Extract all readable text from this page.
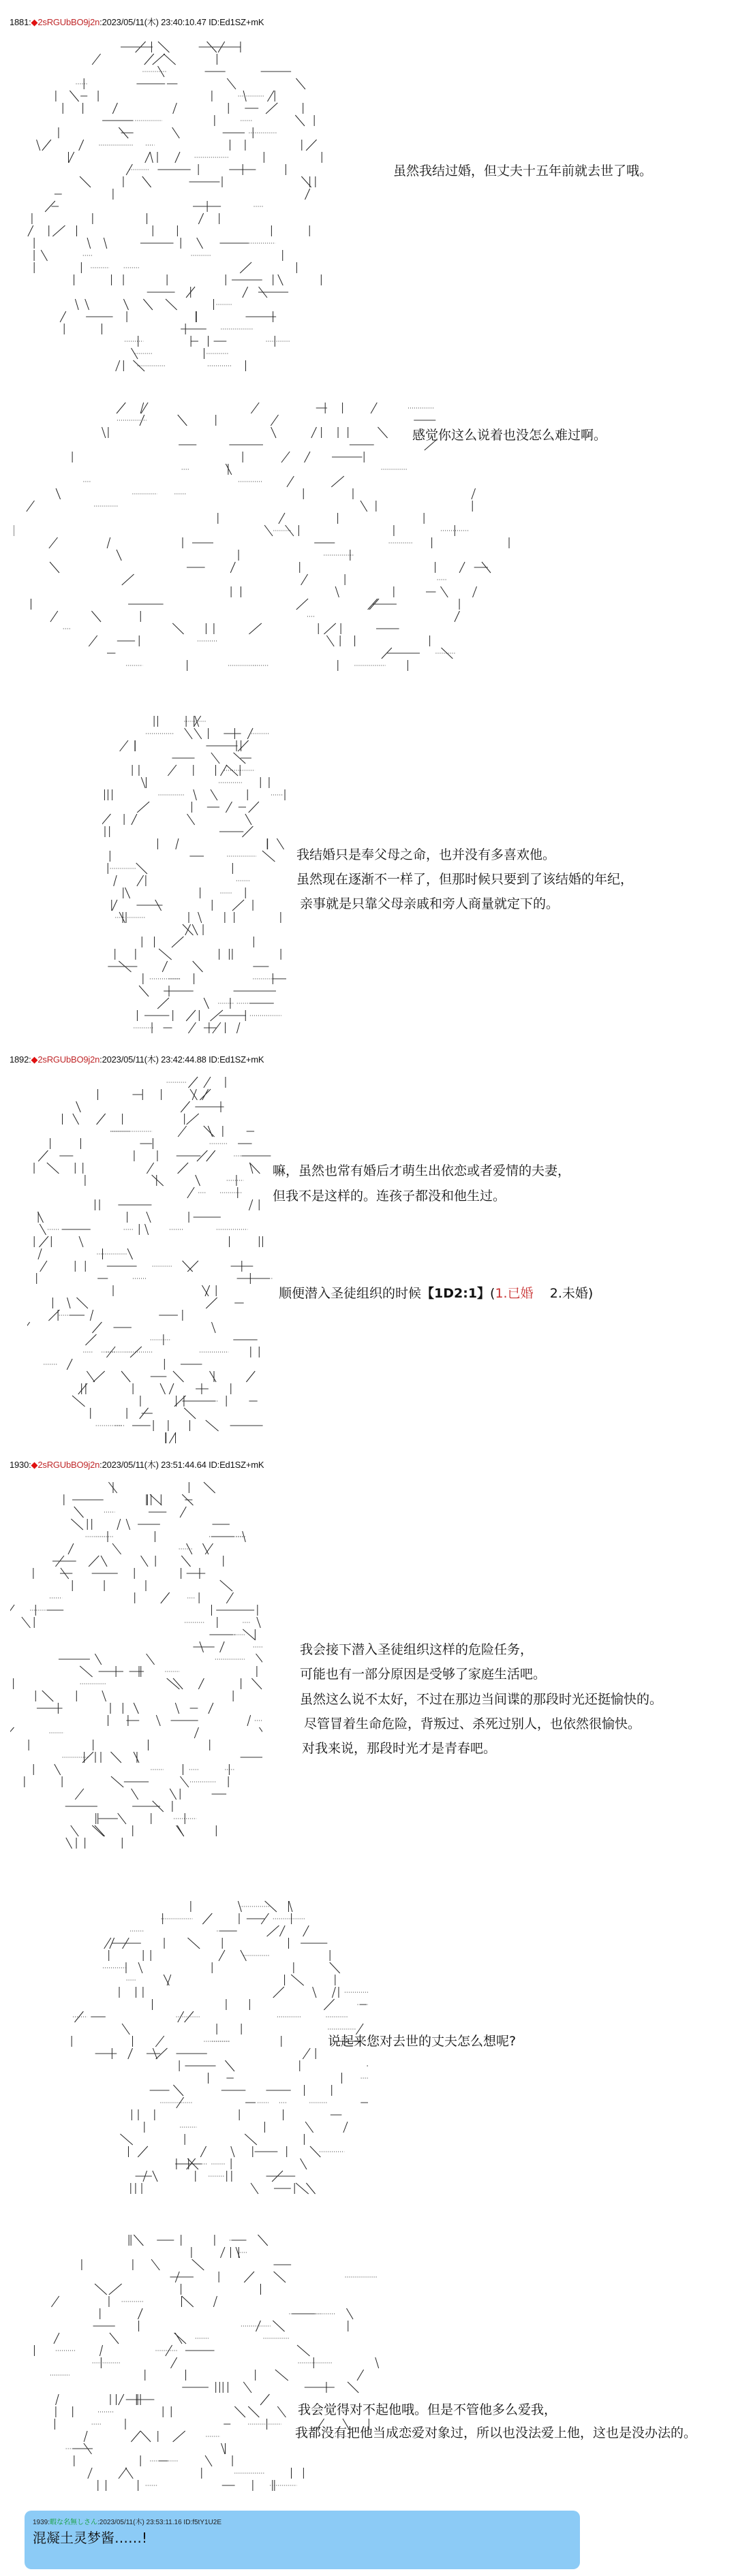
1881:◆2sRGUbBO9j2n:2023/05/11(木) 23:40:10.47 ID:Ed1SZ+mK
1892:◆2sRGUbBO9j2n:2023/05/11(木) 23:42:44.88 ID:Ed1SZ+mK
1930:◆2sRGUbBO9j2n:2023/05/11(木) 23:51:44.64 ID:Ed1SZ+mK
虽然我结过婚，但丈夫十五年前就去世了哦。
感觉你这么说着也没怎么难过啊。
我结婚只是奉父母之命，也并没有多喜欢他。
虽然现在逐渐不一样了，但那时候只要到了该结婚的年纪，
亲事就是只靠父母亲戚和旁人商量就定下的。
嘛，虽然也常有婚后才萌生出依恋或者爱情的夫妻，
但我不是这样的。连孩子都没和他生过。
顺便潜入圣徒组织的时候【1D2:1】(1.已婚 2.未婚)
我会接下潜入圣徒组织这样的危险任务，
可能也有一部分原因是受够了家庭生活吧。
虽然这么说不太好，不过在那边当间谍的那段时光还挺愉快的。
尽管冒着生命危险，背叛过、杀死过别人，也依然很愉快。
对我来说，那段时光才是青春吧。
说起来您对去世的丈夫怎么想呢?
我会觉得对不起他哦。但是不管他多么爱我，
我都没有把他当成恋爱对象过，所以也没法爱上他，这也是没办法的。
1939:暇な名無しさん:2023/05/11(木) 23:53:11.16 ID:f5tY1U2E
混凝土灵梦酱……!
